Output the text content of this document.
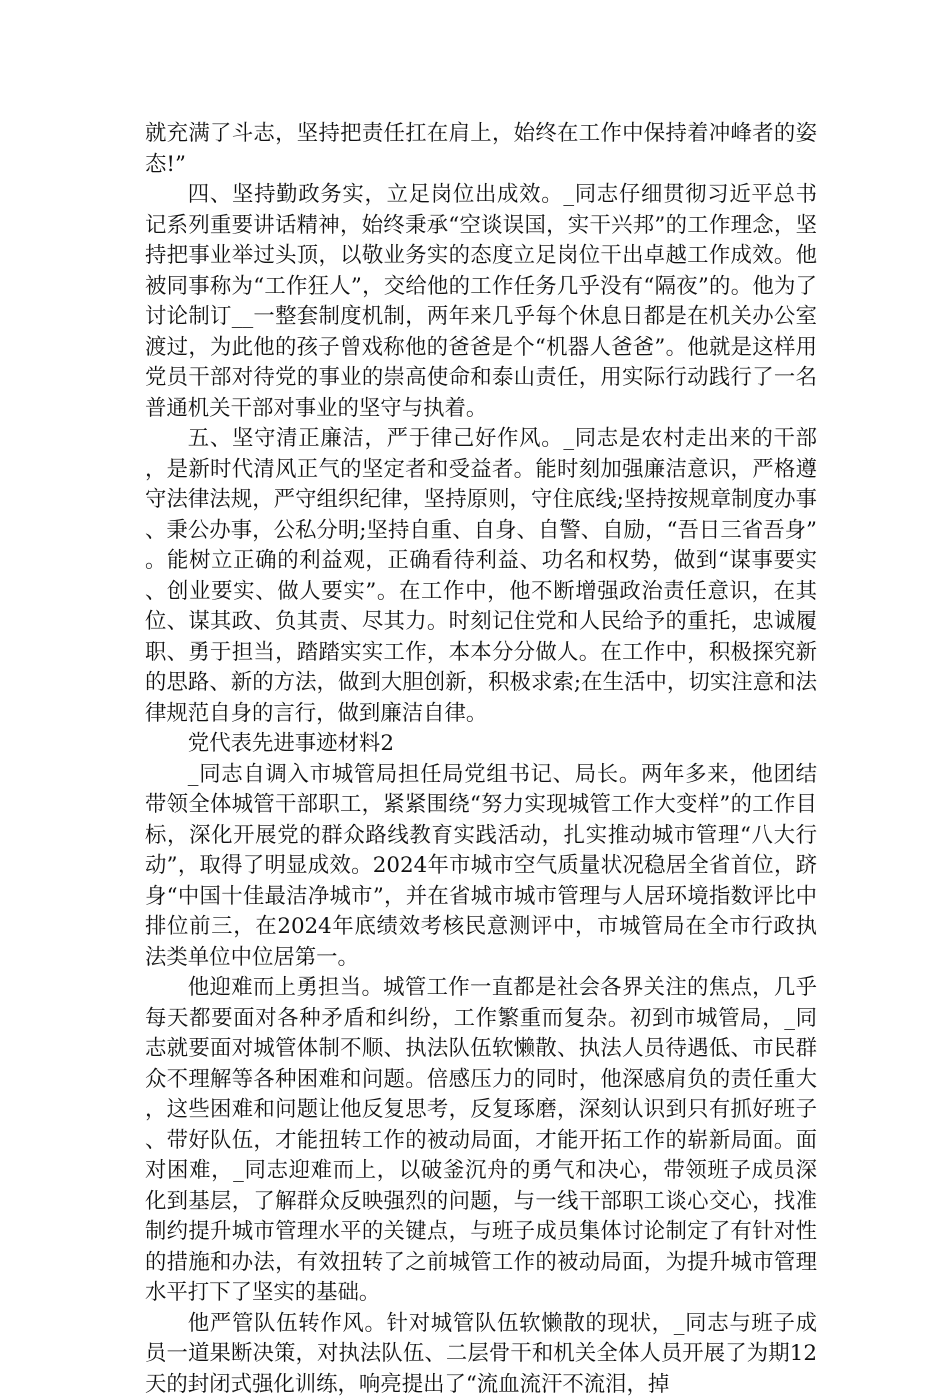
就充满了斗志，坚持把责任扛在肩上，始终在工作中保持着冲峰者的姿态!”

四、坚持勤政务实，立足岗位出成效。_同志仔细贯彻习近平总书记系列重要讲话精神，始终秉承“空谈误国，实干兴邦”的工作理念，坚持把事业举过头顶，以敬业务实的态度立足岗位干出卓越工作成效。他被同事称为“工作狂人”，交给他的工作任务几乎没有“隔夜”的。他为了讨论制订__一整套制度机制，两年来几乎每个休息日都是在机关办公室渡过，为此他的孩子曾戏称他的爸爸是个“机器人爸爸”。他就是这样用党员干部对待党的事业的崇高使命和泰山责任，用实际行动践行了一名普通机关干部对事业的坚守与执着。

五、坚守清正廉洁，严于律己好作风。_同志是农村走出来的干部，是新时代清风正气的坚定者和受益者。能时刻加强廉洁意识，严格遵守法律法规，严守组织纪律，坚持原则，守住底线;坚持按规章制度办事、秉公办事，公私分明;坚持自重、自身、自警、自励，“吾日三省吾身”。能树立正确的利益观，正确看待利益、功名和权势，做到“谋事要实、创业要实、做人要实”。在工作中，他不断增强政治责任意识，在其位、谋其政、负其责、尽其力。时刻记住党和人民给予的重托，忠诚履职、勇于担当，踏踏实实工作，本本分分做人。在工作中，积极探究新的思路、新的方法，做到大胆创新，积极求索;在生活中，切实注意和法律规范自身的言行，做到廉洁自律。

党代表先进事迹材料2

_同志自调入市城管局担任局党组书记、局长。两年多来，他团结带领全体城管干部职工，紧紧围绕“努力实现城管工作大变样”的工作目标，深化开展党的群众路线教育实践活动，扎实推动城市管理“八大行动”，取得了明显成效。2024年市城市空气质量状况稳居全省首位，跻身“中国十佳最洁净城市”，并在省城市城市管理与人居环境指数评比中排位前三，在2024年底绩效考核民意测评中，市城管局在全市行政执法类单位中位居第一。

他迎难而上勇担当。城管工作一直都是社会各界关注的焦点，几乎每天都要面对各种矛盾和纠纷，工作繁重而复杂。初到市城管局，_同志就要面对城管体制不顺、执法队伍软懒散、执法人员待遇低、市民群众不理解等各种困难和问题。倍感压力的同时，他深感肩负的责任重大，这些困难和问题让他反复思考，反复琢磨，深刻认识到只有抓好班子、带好队伍，才能扭转工作的被动局面，才能开拓工作的崭新局面。面对困难，_同志迎难而上，以破釜沉舟的勇气和决心，带领班子成员深化到基层，了解群众反映强烈的问题，与一线干部职工谈心交心，找准制约提升城市管理水平的关键点，与班子成员集体讨论制定了有针对性的措施和办法，有效扭转了之前城管工作的被动局面，为提升城市管理水平打下了坚实的基础。

他严管队伍转作风。针对城管队伍软懒散的现状，_同志与班子成员一道果断决策，对执法队伍、二层骨干和机关全体人员开展了为期12天的封闭式强化训练，响亮提出了“流血流汗不流泪，掉
